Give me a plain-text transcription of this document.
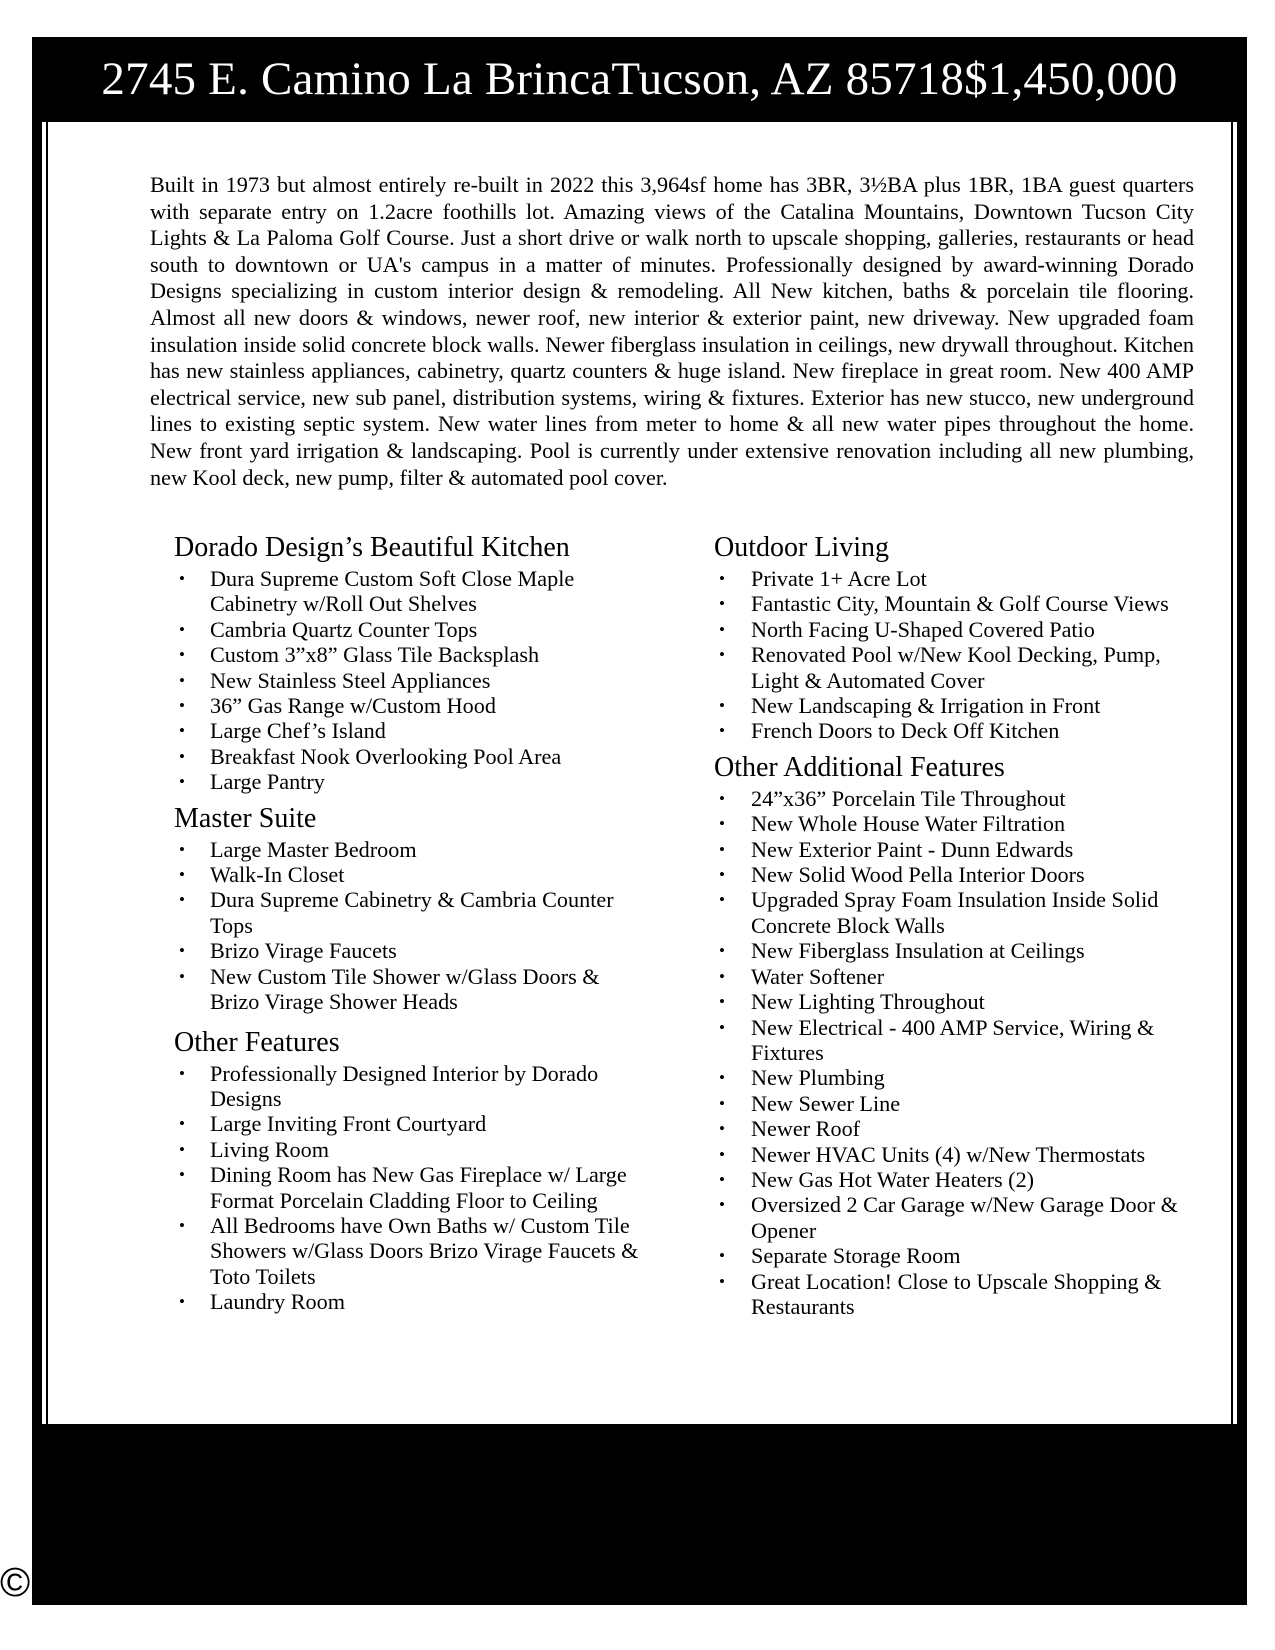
2745 E. Camino La Brinca Tucson, AZ 85718 $1,450,000

Built in 1973 but almost entirely re-built in 2022 this 3,964sf home has 3BR, 3½BA plus 1BR, 1BA guest quarters with separate entry on 1.2acre foothills lot. Amazing views of the Catalina Mountains, Downtown Tucson City Lights & La Paloma Golf Course. Just a short drive or walk north to upscale shopping, galleries, restaurants or head south to downtown or UA's campus in a matter of minutes. Professionally designed by award-winning Dorado Designs specializing in custom interior design & remodeling. All New kitchen, baths & porcelain tile flooring. Almost all new doors & windows, newer roof, new interior & exterior paint, new driveway. New upgraded foam insulation inside solid concrete block walls. Newer fiberglass insulation in ceilings, new drywall throughout. Kitchen has new stainless appliances, cabinetry, quartz counters & huge island. New fireplace in great room. New 400 AMP electrical service, new sub panel, distribution systems, wiring & fixtures. Exterior has new stucco, new underground lines to existing septic system. New water lines from meter to home & all new water pipes throughout the home. New front yard irrigation & landscaping. Pool is currently under extensive renovation including all new plumbing, new Kool deck, new pump, filter & automated pool cover.

Dorado Design’s Beautiful Kitchen
• Dura Supreme Custom Soft Close Maple Cabinetry w/Roll Out Shelves
• Cambria Quartz Counter Tops
• Custom 3”x8” Glass Tile Backsplash
• New Stainless Steel Appliances
• 36” Gas Range w/Custom Hood
• Large Chef’s Island
• Breakfast Nook Overlooking Pool Area
• Large Pantry
Master Suite
• Large Master Bedroom
• Walk-In Closet
• Dura Supreme Cabinetry & Cambria Counter Tops
• Brizo Virage Faucets
• New Custom Tile Shower w/Glass Doors & Brizo Virage Shower Heads
Other Features
• Professionally Designed Interior by Dorado Designs
• Large Inviting Front Courtyard
• Living Room
• Dining Room has New Gas Fireplace w/ Large Format Porcelain Cladding Floor to Ceiling
• All Bedrooms have Own Baths w/ Custom Tile Showers w/Glass Doors Brizo Virage Faucets & Toto Toilets
• Laundry Room
Outdoor Living
• Private 1+ Acre Lot
• Fantastic City, Mountain & Golf Course Views
• North Facing U-Shaped Covered Patio
• Renovated Pool w/New Kool Decking, Pump, Light & Automated Cover
• New Landscaping & Irrigation in Front
• French Doors to Deck Off Kitchen
Other Additional Features
• 24”x36” Porcelain Tile Throughout
• New Whole House Water Filtration
• New Exterior Paint - Dunn Edwards
• New Solid Wood Pella Interior Doors
• Upgraded Spray Foam Insulation Inside Solid Concrete Block Walls
• New Fiberglass Insulation at Ceilings
• Water Softener
• New Lighting Throughout
• New Electrical - 400 AMP Service, Wiring & Fixtures
• New Plumbing
• New Sewer Line
• Newer Roof
• Newer HVAC Units (4) w/New Thermostats
• New Gas Hot Water Heaters (2)
• Oversized 2 Car Garage w/New Garage Door & Opener
• Separate Storage Room
• Great Location! Close to Upscale Shopping & Restaurants
All Information Deemed Reliable But Not Guaranteed
©2022 MLSSAZ
